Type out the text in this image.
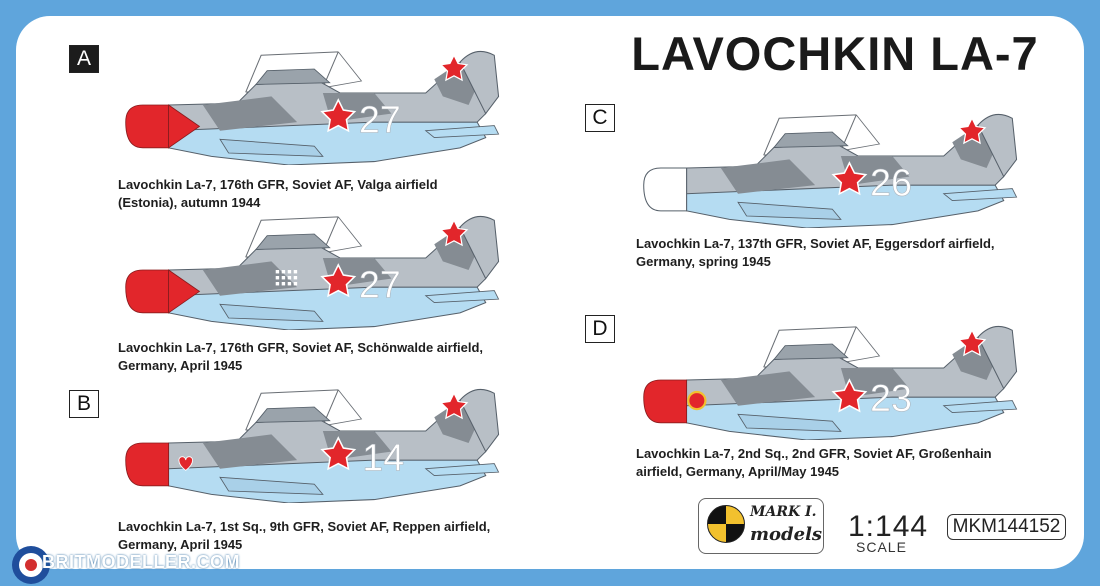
LAVOCHKIN LA-7
A
B
C
D
27
Lavochkin La-7, 176th GFR, Soviet AF, Valga airfield
(Estonia), autumn 1944
27
Lavochkin La-7, 176th GFR, Soviet AF, Schönwalde airfield,
Germany, April 1945
14
Lavochkin La-7, 1st Sq., 9th GFR, Soviet AF, Reppen airfield,
Germany, April 1945
26
Lavochkin La-7, 137th GFR, Soviet AF, Eggersdorf airfield,
Germany, spring 1945
23
Lavochkin La-7, 2nd Sq., 2nd GFR, Soviet AF, Großenhain
airfield, Germany, April/May 1945
MARK I.
models 1:144
SCALE
MKM144152
BRITMODELLER.COM
